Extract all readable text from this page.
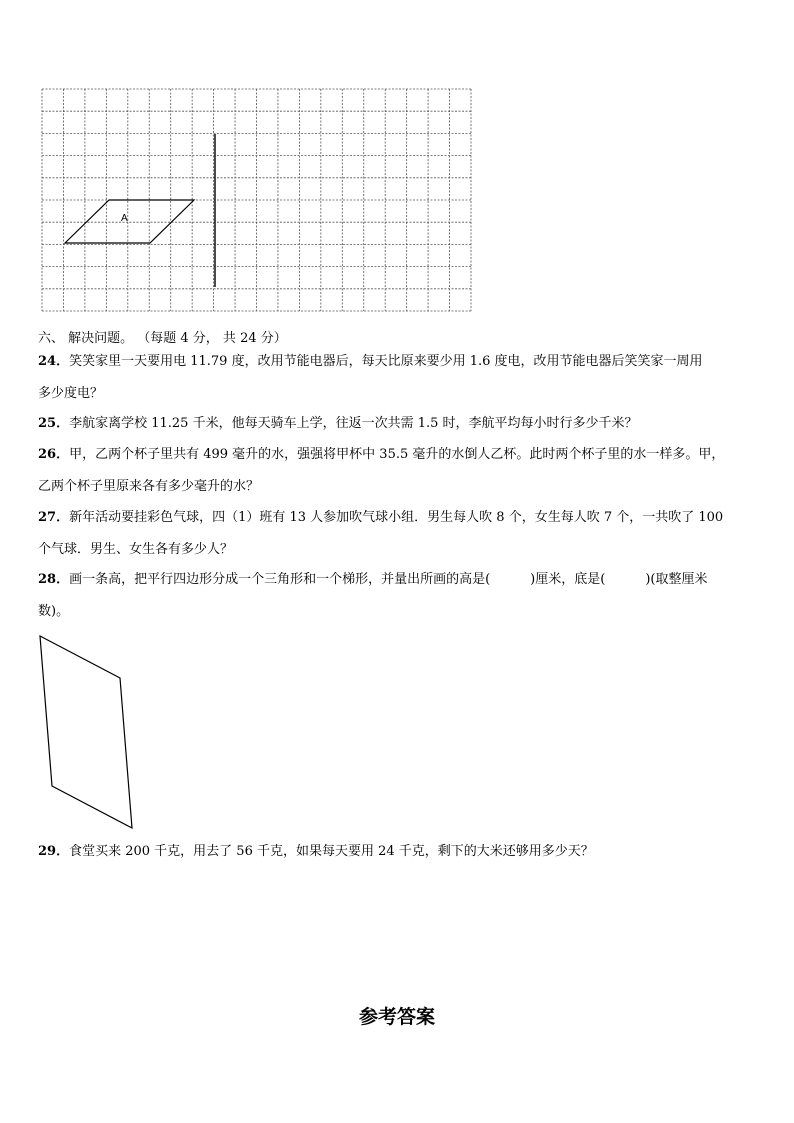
A
六、 解决问题。 （每题 4 分， 共 24 分）

24．笑笑家里一天要用电 11.79 度，改用节能电器后，每天比原来要少用 1.6 度电，改用节能电器后笑笑家一周用

多少度电？

25．李航家离学校 11.25 千米，他每天骑车上学，往返一次共需 1.5 时，李航平均每小时行多少千米？

26．甲，乙两个杯子里共有 499 毫升的水，强强将甲杯中 35.5 毫升的水倒人乙杯。此时两个杯子里的水一样多。甲，

乙两个杯子里原来各有多少毫升的水？

27．新年活动要挂彩色气球，四（1）班有 13 人参加吹气球小组．男生每人吹 8 个，女生每人吹 7 个，一共吹了 100

个气球．男生、女生各有多少人？

28．画一条高，把平行四边形分成一个三角形和一个梯形，并量出所画的高是(	)厘米，底是(	)(取整厘米

数)。

29．食堂买来 200 千克，用去了 56 千克，如果每天要用 24 千克，剩下的大米还够用多少天？

参考答案
